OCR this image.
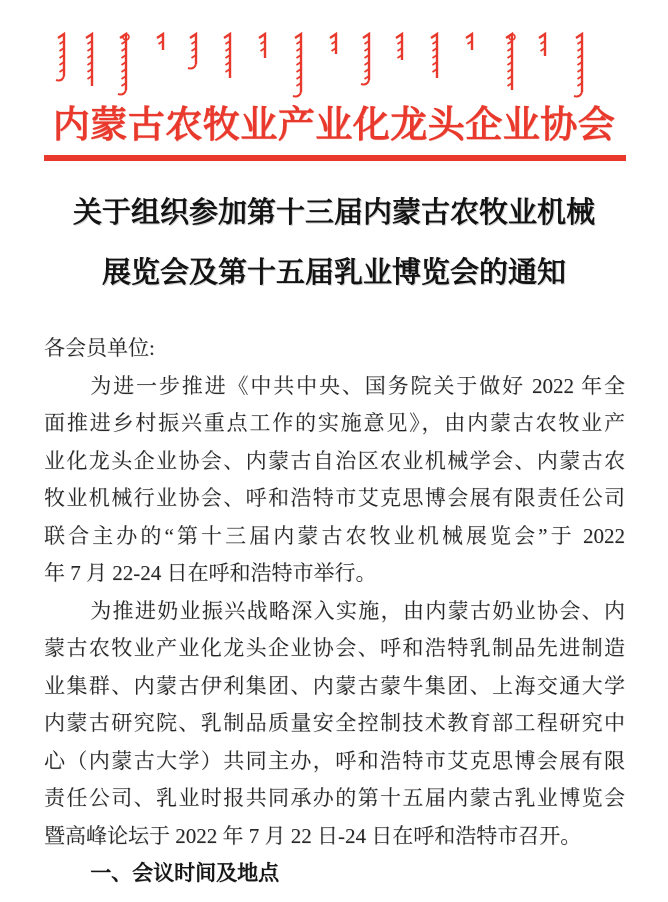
内蒙古农牧业产业化龙头企业协会
关于组织参加第十三届内蒙古农牧业机械
展览会及第十五届乳业博览会的通知
各会员单位:
为进一步推进《中共中央、国务院关于做好 2022 年全
面推进乡村振兴重点工作的实施意见》，由内蒙古农牧业产
业化龙头企业协会、内蒙古自治区农业机械学会、内蒙古农
牧业机械行业协会、呼和浩特市艾克思博会展有限责任公司
联合主办的“第十三届内蒙古农牧业机械展览会”于 2022
年 7 月 22-24 日在呼和浩特市举行。
为推进奶业振兴战略深入实施，由内蒙古奶业协会、内
蒙古农牧业产业化龙头企业协会、呼和浩特乳制品先进制造
业集群、内蒙古伊利集团、内蒙古蒙牛集团、上海交通大学
内蒙古研究院、乳制品质量安全控制技术教育部工程研究中
心（内蒙古大学）共同主办，呼和浩特市艾克思博会展有限
责任公司、乳业时报共同承办的第十五届内蒙古乳业博览会
暨高峰论坛于 2022 年 7 月 22 日-24 日在呼和浩特市召开。
一、会议时间及地点
